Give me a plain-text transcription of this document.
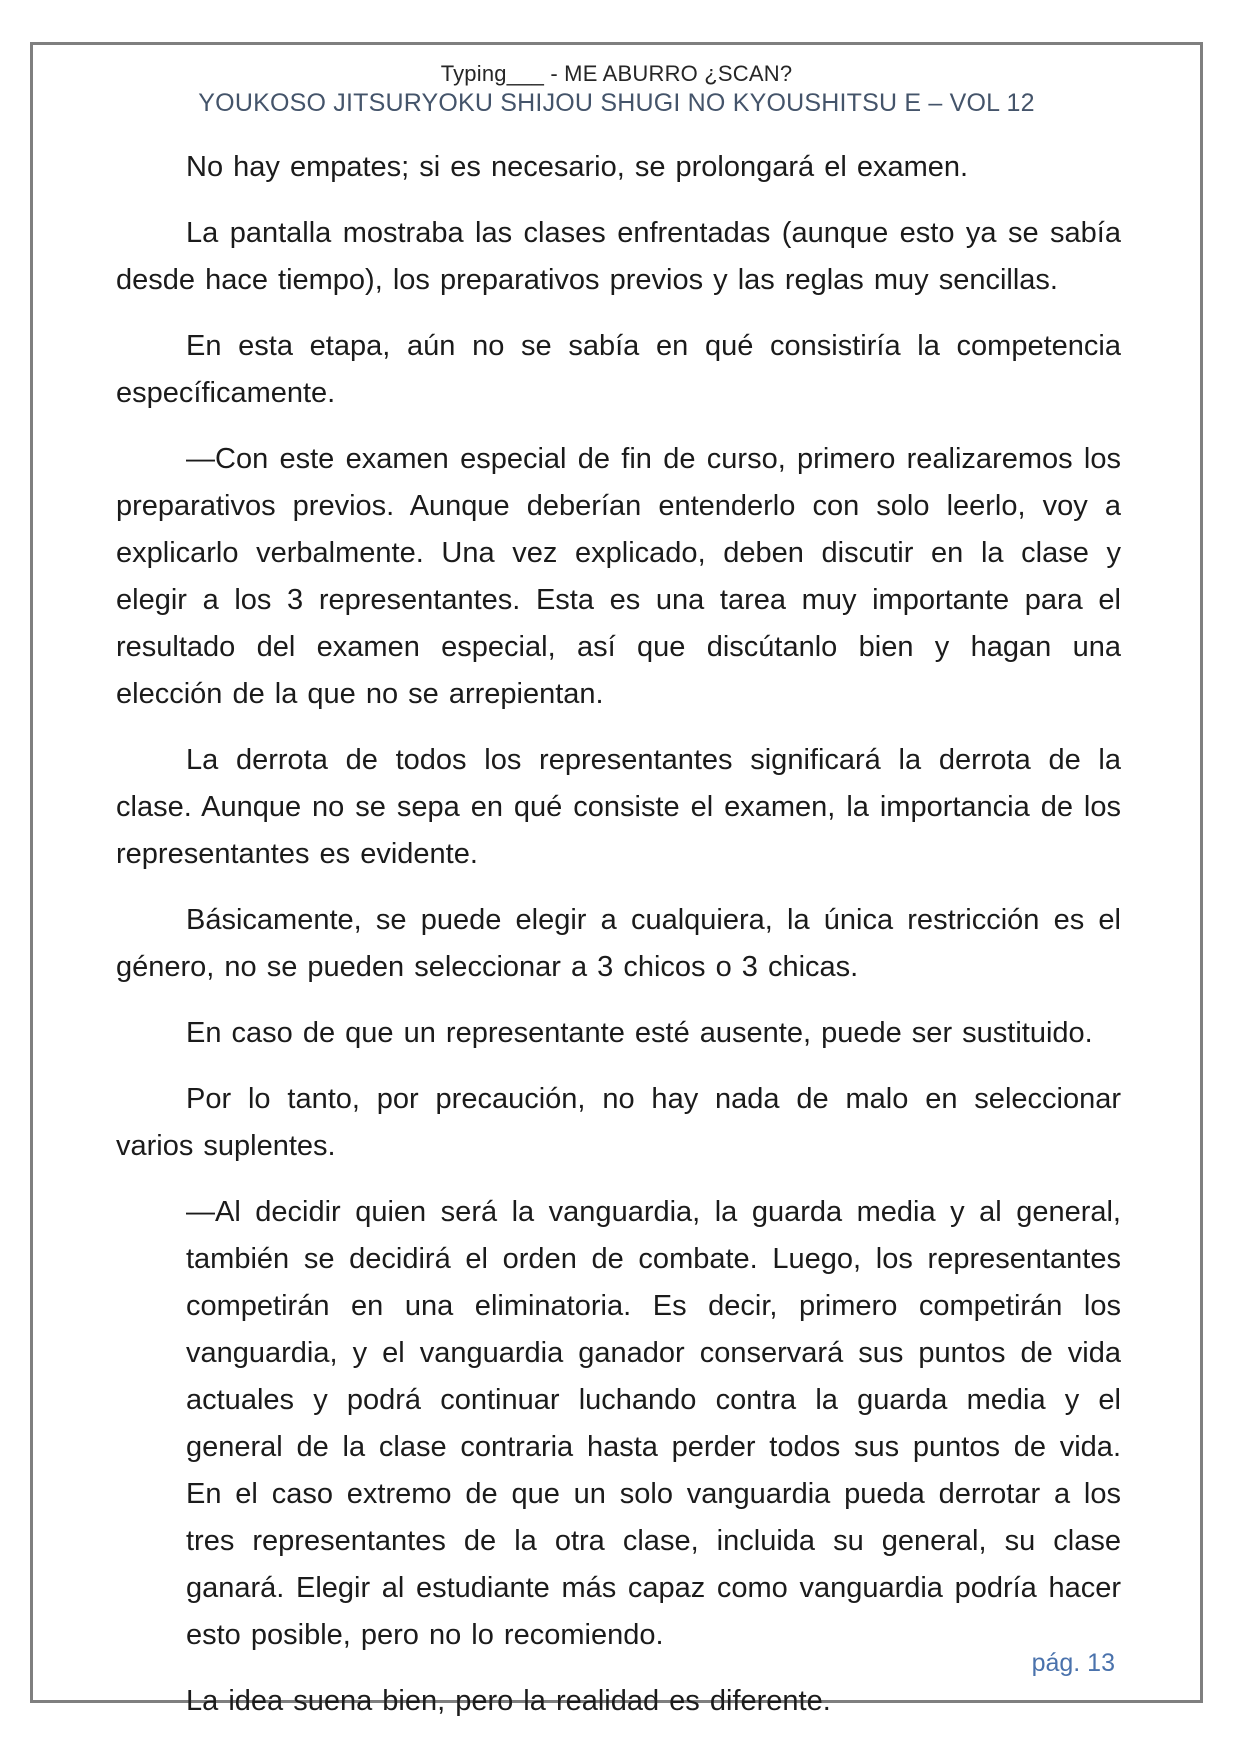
Typing___ - ME ABURRO ¿SCAN?
YOUKOSO JITSURYOKU SHIJOU SHUGI NO KYOUSHITSU E – VOL 12

No hay empates; si es necesario, se prolongará el examen.

La pantalla mostraba las clases enfrentadas (aunque esto ya se sabía desde hace tiempo), los preparativos previos y las reglas muy sencillas.

En esta etapa, aún no se sabía en qué consistiría la competencia específicamente.

—Con este examen especial de fin de curso, primero realizaremos los preparativos previos. Aunque deberían entenderlo con solo leerlo, voy a explicarlo verbalmente. Una vez explicado, deben discutir en la clase y elegir a los 3 representantes. Esta es una tarea muy importante para el resultado del examen especial, así que discútanlo bien y hagan una elección de la que no se arrepientan.

La derrota de todos los representantes significará la derrota de la clase. Aunque no se sepa en qué consiste el examen, la importancia de los representantes es evidente.

Básicamente, se puede elegir a cualquiera, la única restricción es el género, no se pueden seleccionar a 3 chicos o 3 chicas.

En caso de que un representante esté ausente, puede ser sustituido.

Por lo tanto, por precaución, no hay nada de malo en seleccionar varios suplentes.

—Al decidir quien será la vanguardia, la guarda media y al general, también se decidirá el orden de combate. Luego, los representantes competirán en una eliminatoria. Es decir, primero competirán los vanguardia, y el vanguardia ganador conservará sus puntos de vida actuales y podrá continuar luchando contra la guarda media y el general de la clase contraria hasta perder todos sus puntos de vida. En el caso extremo de que un solo vanguardia pueda derrotar a los tres representantes de la otra clase, incluida su general, su clase ganará. Elegir al estudiante más capaz como vanguardia podría hacer esto posible, pero no lo recomiendo.

La idea suena bien, pero la realidad es diferente.

pág. 13
